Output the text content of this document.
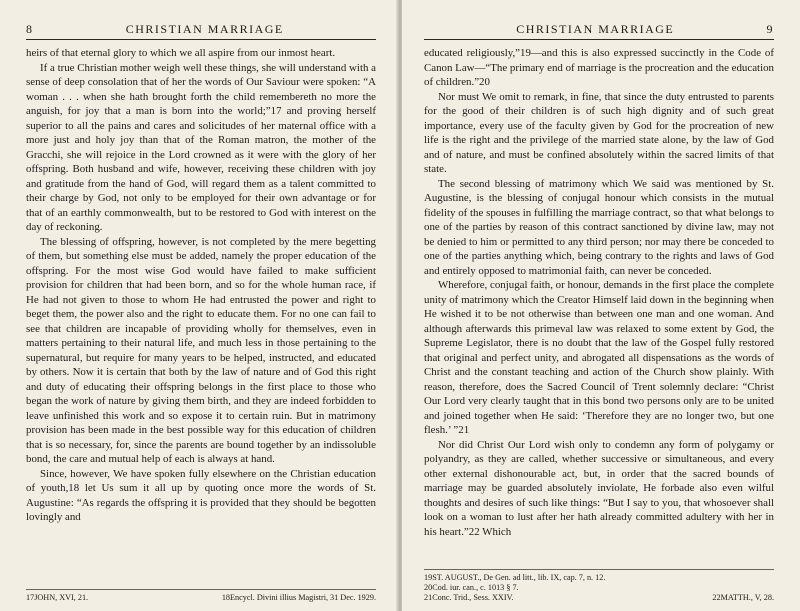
8	CHRISTIAN MARRIAGE

heirs of that eternal glory to which we all aspire from our inmost heart.

If a true Christian mother weigh well these things, she will understand with a sense of deep consolation that of her the words of Our Saviour were spoken: “A woman . . . when she hath brought forth the child remembereth no more the anguish, for joy that a man is born into the world;”17 and proving herself superior to all the pains and cares and solicitudes of her maternal office with a more just and holy joy than that of the Roman matron, the mother of the Gracchi, she will rejoice in the Lord crowned as it were with the glory of her offspring. Both husband and wife, however, receiving these children with joy and gratitude from the hand of God, will regard them as a talent committed to their charge by God, not only to be employed for their own advantage or for that of an earthly commonwealth, but to be restored to God with interest on the day of reckoning.

The blessing of offspring, however, is not completed by the mere begetting of them, but something else must be added, namely the proper education of the offspring. For the most wise God would have failed to make sufficient provision for children that had been born, and so for the whole human race, if He had not given to those to whom He had entrusted the power and right to beget them, the power also and the right to educate them. For no one can fail to see that children are incapable of providing wholly for themselves, even in matters pertaining to their natural life, and much less in those pertaining to the supernatural, but require for many years to be helped, instructed, and educated by others. Now it is certain that both by the law of nature and of God this right and duty of educating their offspring belongs in the first place to those who began the work of nature by giving them birth, and they are indeed forbidden to leave unfinished this work and so expose it to certain ruin. But in matrimony provision has been made in the best possible way for this education of children that is so necessary, for, since the parents are bound together by an indissoluble bond, the care and mutual help of each is always at hand.

Since, however, We have spoken fully elsewhere on the Christian education of youth,18 let Us sum it all up by quoting once more the words of St. Augustine: “As regards the offspring it is provided that they should be begotten lovingly and

17JOHN, XVI, 21.	18Encycl. Divini illius Magistri, 31 Dec. 1929.
CHRISTIAN MARRIAGE	9

educated religiously,”19—and this is also expressed succinctly in the Code of Canon Law—“The primary end of marriage is the procreation and the education of children.”20

Nor must We omit to remark, in fine, that since the duty entrusted to parents for the good of their children is of such high dignity and of such great importance, every use of the faculty given by God for the procreation of new life is the right and the privilege of the married state alone, by the law of God and of nature, and must be confined absolutely within the sacred limits of that state.

The second blessing of matrimony which We said was mentioned by St. Augustine, is the blessing of conjugal honour which consists in the mutual fidelity of the spouses in fulfilling the marriage contract, so that what belongs to one of the parties by reason of this contract sanctioned by divine law, may not be denied to him or permitted to any third person; nor may there be conceded to one of the parties anything which, being contrary to the rights and laws of God and entirely opposed to matrimonial faith, can never be conceded.

Wherefore, conjugal faith, or honour, demands in the first place the complete unity of matrimony which the Creator Himself laid down in the beginning when He wished it to be not otherwise than between one man and one woman. And although afterwards this primeval law was relaxed to some extent by God, the Supreme Legislator, there is no doubt that the law of the Gospel fully restored that original and perfect unity, and abrogated all dispensations as the words of Christ and the constant teaching and action of the Church show plainly. With reason, therefore, does the Sacred Council of Trent solemnly declare: “Christ Our Lord very clearly taught that in this bond two persons only are to be united and joined together when He said: ‘Therefore they are no longer two, but one flesh.’ ”21

Nor did Christ Our Lord wish only to condemn any form of polygamy or polyandry, as they are called, whether successive or simultaneous, and every other external dishonourable act, but, in order that the sacred bounds of marriage may be guarded absolutely inviolate, He forbade also even wilful thoughts and desires of such like things: “But I say to you, that whosoever shall look on a woman to lust after her hath already committed adultery with her in his heart.”22 Which

19ST. AUGUST., De Gen. ad litt., lib. IX, cap. 7, n. 12.
20Cod. iur. can., c. 1013 § 7.
21Conc. Trid., Sess. XXIV.	22MATTH., V, 28.
